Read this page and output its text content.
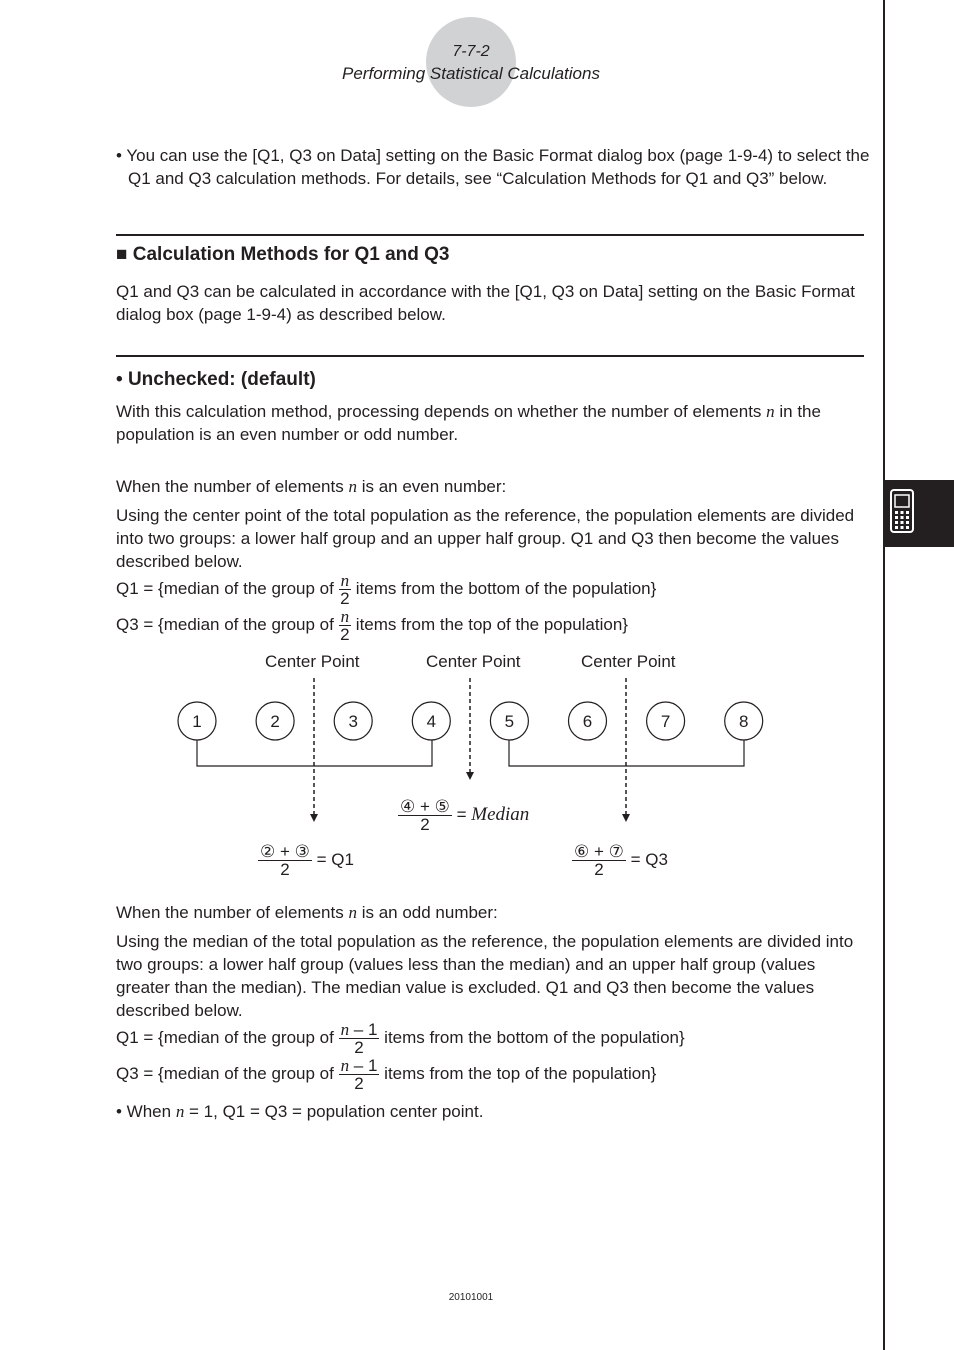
7-7-2
Performing Statistical Calculations
• You can use the [Q1, Q3 on Data] setting on the Basic Format dialog box (page 1-9-4) to select the Q1 and Q3 calculation methods. For details, see “Calculation Methods for Q1 and Q3” below.
■ Calculation Methods for Q1 and Q3
Q1 and Q3 can be calculated in accordance with the [Q1, Q3 on Data] setting on the Basic Format dialog box (page 1-9-4) as described below.
• Unchecked: (default)
With this calculation method, processing depends on whether the number of elements n in the population is an even number or odd number.
When the number of elements n is an even number:
Using the center point of the total population as the reference, the population elements are divided into two groups: a lower half group and an upper half group. Q1 and Q3 then become the values described below.
Q1 = {median of the group of $\frac{n}{2}$ items from the bottom of the population}
Q3 = {median of the group of $\frac{n}{2}$ items from the top of the population}
Center Point	Center Point	Center Point
1	2	3	4	5	6	7	8
$\frac{\text{④ + ⑤}}{2}$ = Median
$\frac{\text{② + ③}}{2} = Q1$	$\frac{\text{⑥ + ⑦}}{2} = Q3$
When the number of elements n is an odd number:
Using the median of the total population as the reference, the population elements are divided into two groups: a lower half group (values less than the median) and an upper half group (values greater than the median). The median value is excluded. Q1 and Q3 then become the values described below.
Q1 = {median of the group of $\frac{n - 1}{2}$ items from the bottom of the population}
Q3 = {median of the group of $\frac{n - 1}{2}$ items from the top of the population}
• When n = 1, Q1 = Q3 = population center point.
20101001
